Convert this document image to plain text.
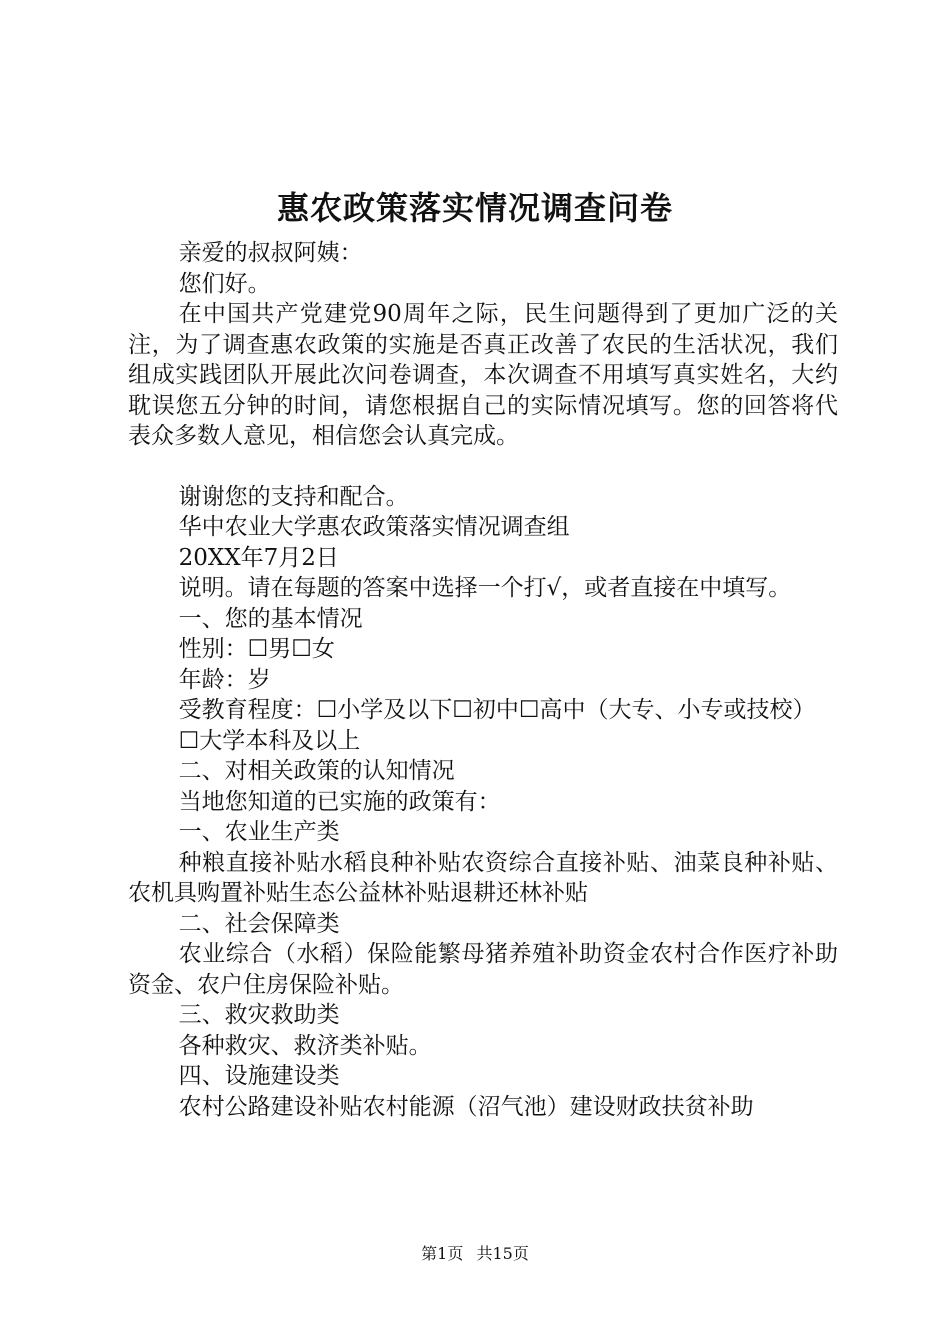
惠农政策落实情况调查问卷

亲爱的叔叔阿姨：

您们好。

在中国共产党建党90周年之际，民生问题得到了更加广泛的关注，为了调查惠农政策的实施是否真正改善了农民的生活状况，我们组成实践团队开展此次问卷调查，本次调查不用填写真实姓名，大约耽误您五分钟的时间，请您根据自己的实际情况填写。您的回答将代表众多数人意见，相信您会认真完成。

谢谢您的支持和配合。

华中农业大学惠农政策落实情况调查组

20XX年7月2日

说明。请在每题的答案中选择一个打√，或者直接在中填写。

一、您的基本情况

性别：☐男☐女

年龄：岁

受教育程度：☐小学及以下☐初中☐高中（大专、小专或技校）

☐大学本科及以上

二、对相关政策的认知情况

当地您知道的已实施的政策有：

一、农业生产类

种粮直接补贴水稻良种补贴农资综合直接补贴、油菜良种补贴、农机具购置补贴生态公益林补贴退耕还林补贴

二、社会保障类

农业综合（水稻）保险能繁母猪养殖补助资金农村合作医疗补助资金、农户住房保险补贴。

三、救灾救助类

各种救灾、救济类补贴。

四、设施建设类

农村公路建设补贴农村能源（沼气池）建设财政扶贫补助

第1页 共15页
